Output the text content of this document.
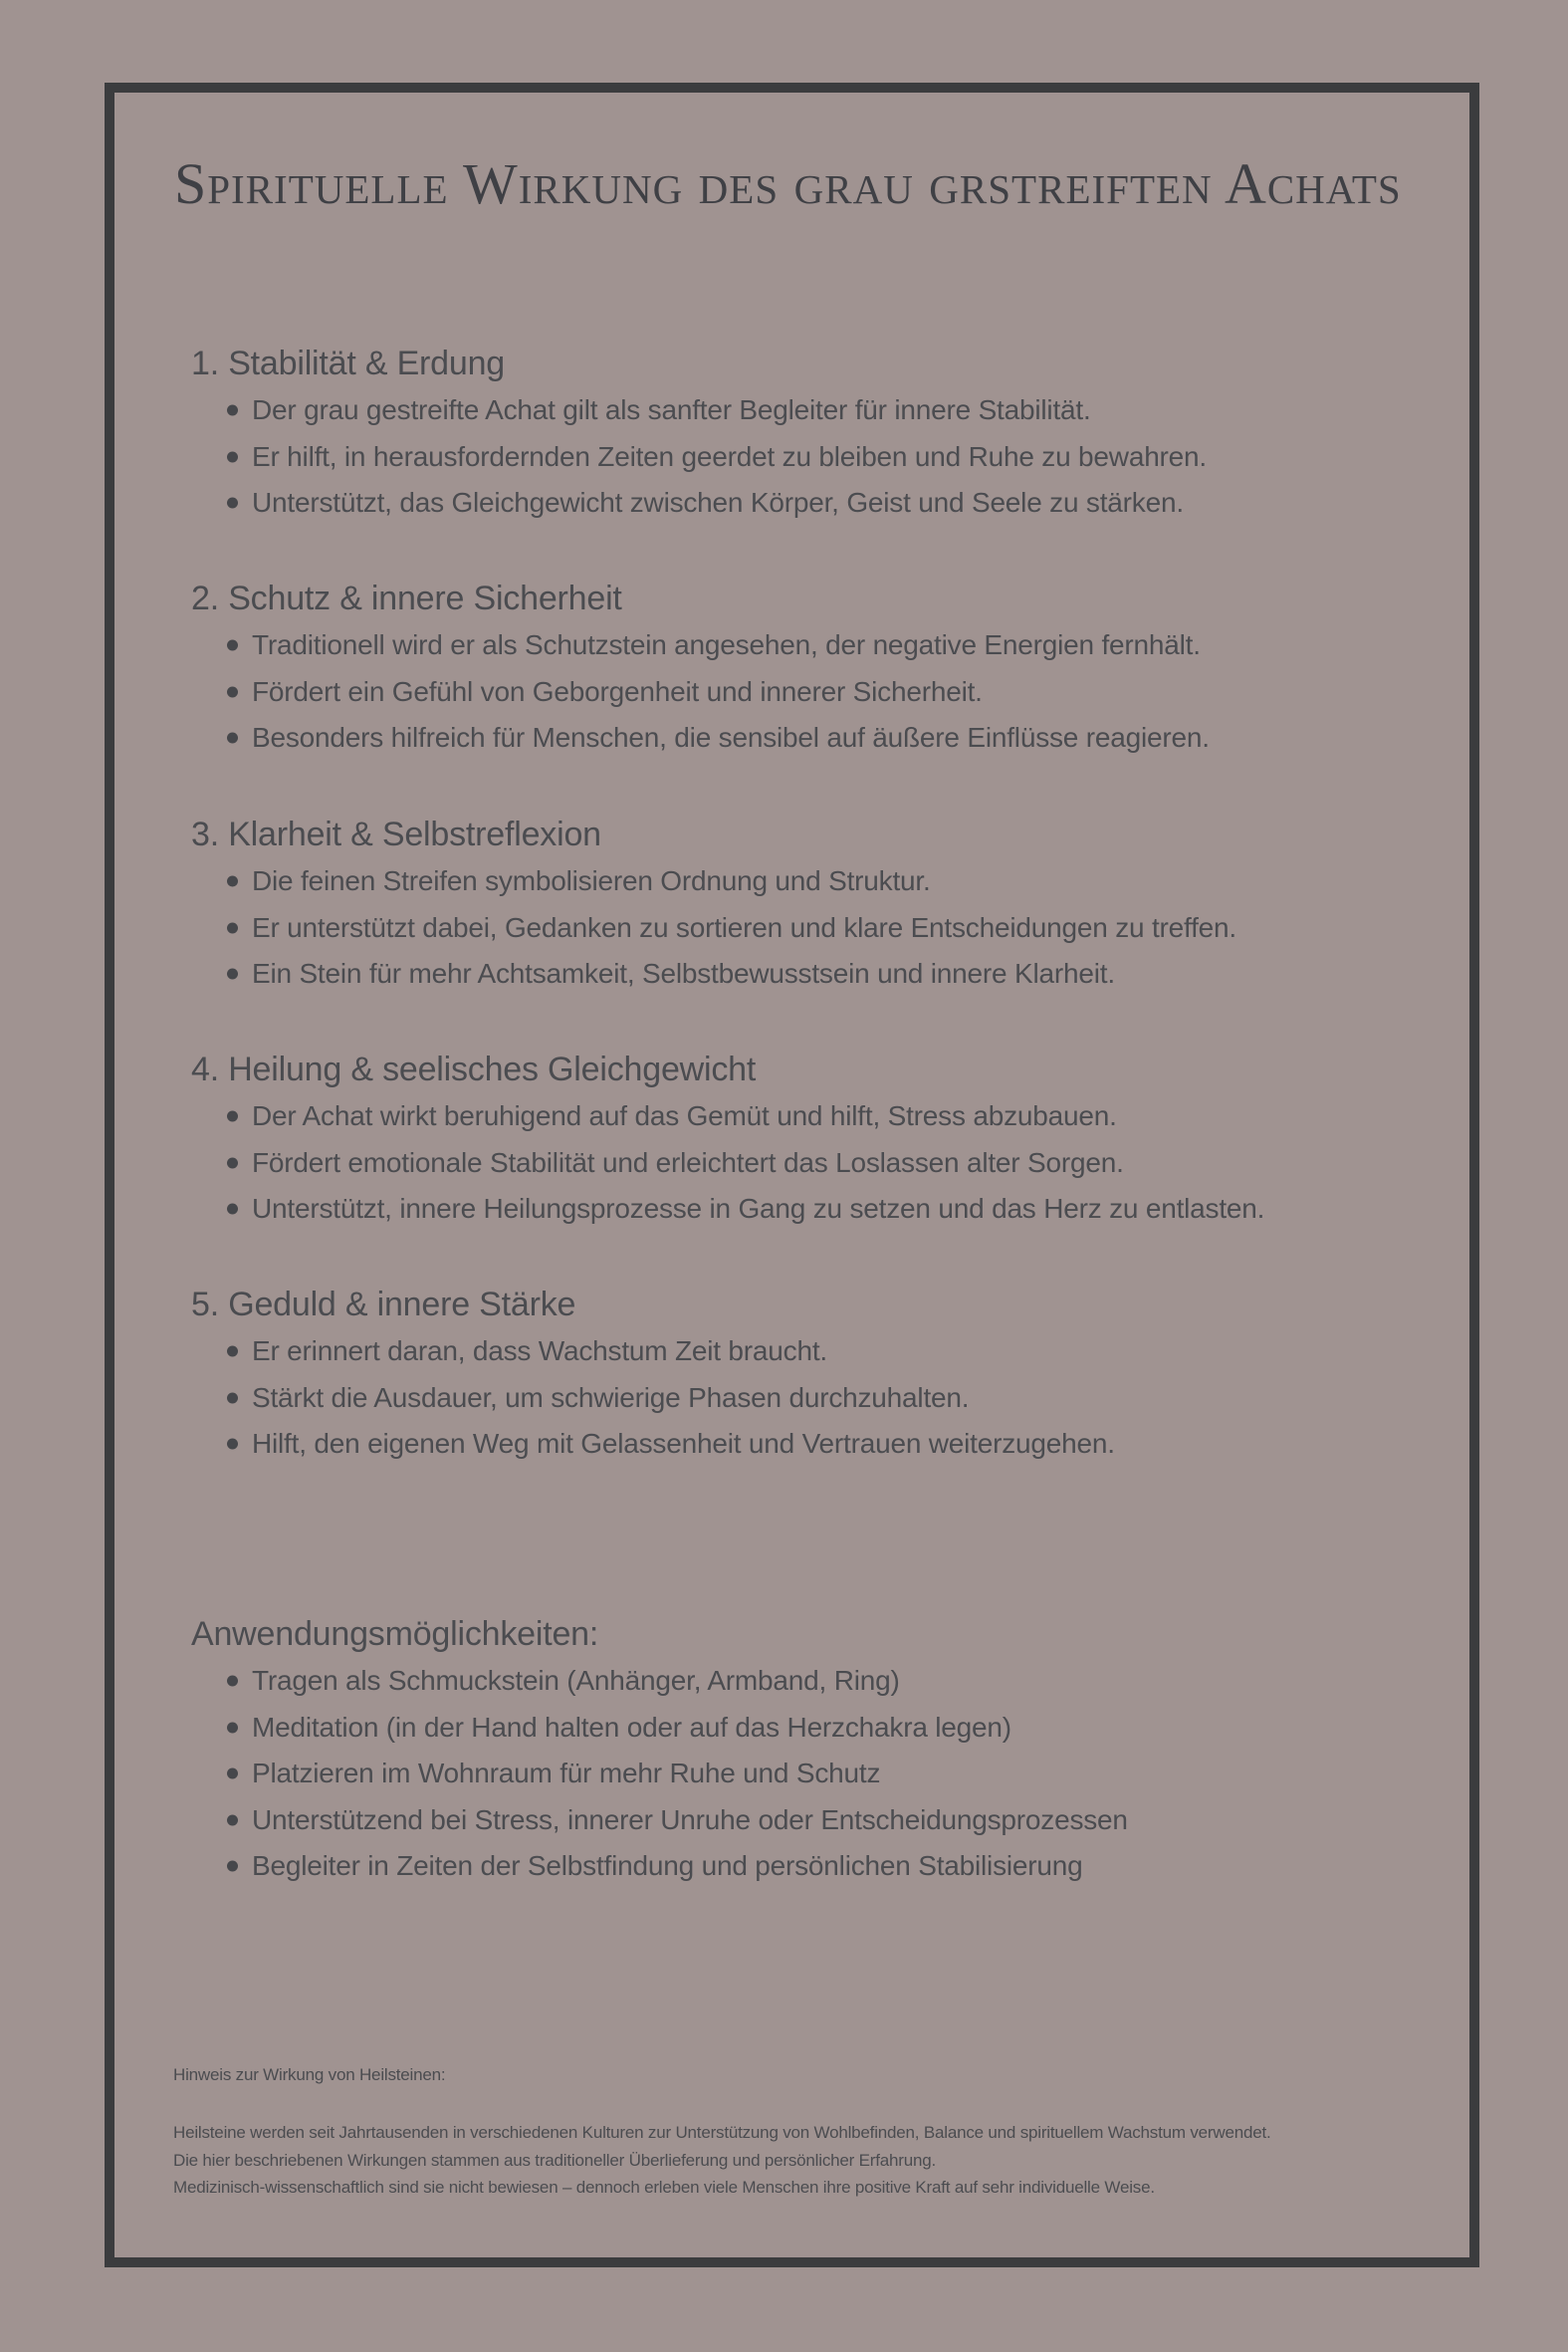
Spirituelle Wirkung des grau grstreiften Achats
1. Stabilität & Erdung
Der grau gestreifte Achat gilt als sanfter Begleiter für innere Stabilität.
Er hilft, in herausfordernden Zeiten geerdet zu bleiben und Ruhe zu bewahren.
Unterstützt, das Gleichgewicht zwischen Körper, Geist und Seele zu stärken.
2. Schutz & innere Sicherheit
Traditionell wird er als Schutzstein angesehen, der negative Energien fernhält.
Fördert ein Gefühl von Geborgenheit und innerer Sicherheit.
Besonders hilfreich für Menschen, die sensibel auf äußere Einflüsse reagieren.
3. Klarheit & Selbstreflexion
Die feinen Streifen symbolisieren Ordnung und Struktur.
Er unterstützt dabei, Gedanken zu sortieren und klare Entscheidungen zu treffen.
Ein Stein für mehr Achtsamkeit, Selbstbewusstsein und innere Klarheit.
4. Heilung & seelisches Gleichgewicht
Der Achat wirkt beruhigend auf das Gemüt und hilft, Stress abzubauen.
Fördert emotionale Stabilität und erleichtert das Loslassen alter Sorgen.
Unterstützt, innere Heilungsprozesse in Gang zu setzen und das Herz zu entlasten.
5. Geduld & innere Stärke
Er erinnert daran, dass Wachstum Zeit braucht.
Stärkt die Ausdauer, um schwierige Phasen durchzuhalten.
Hilft, den eigenen Weg mit Gelassenheit und Vertrauen weiterzugehen.
Anwendungsmöglichkeiten:
Tragen als Schmuckstein (Anhänger, Armband, Ring)
Meditation (in der Hand halten oder auf das Herzchakra legen)
Platzieren im Wohnraum für mehr Ruhe und Schutz
Unterstützend bei Stress, innerer Unruhe oder Entscheidungsprozessen
Begleiter in Zeiten der Selbstfindung und persönlichen Stabilisierung

Hinweis zur Wirkung von Heilsteinen:

Heilsteine werden seit Jahrtausenden in verschiedenen Kulturen zur Unterstützung von Wohlbefinden, Balance und spirituellem Wachstum verwendet.

Die hier beschriebenen Wirkungen stammen aus traditioneller Überlieferung und persönlicher Erfahrung.

Medizinisch-wissenschaftlich sind sie nicht bewiesen – dennoch erleben viele Menschen ihre positive Kraft auf sehr individuelle Weise.
